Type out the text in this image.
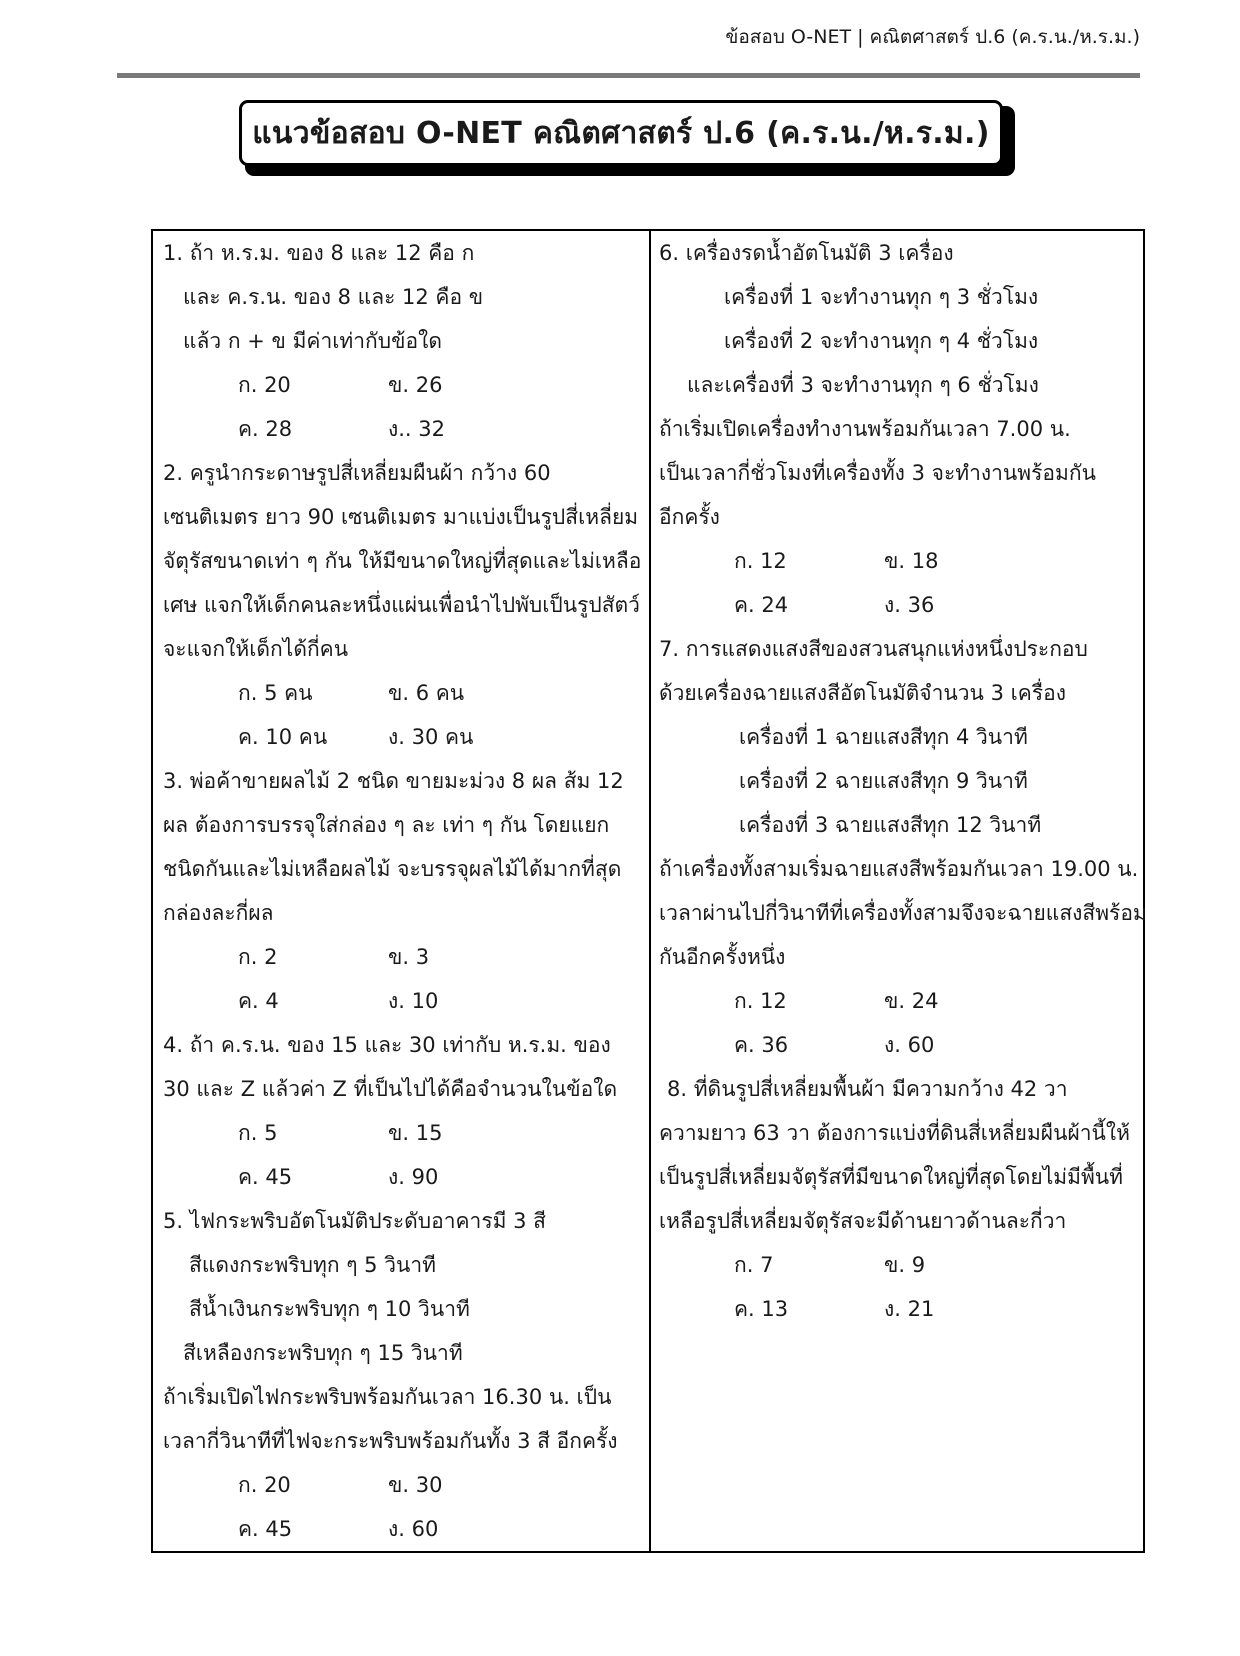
ข้อสอบ O-NET | คณิตศาสตร์ ป.6 (ค.ร.น./ห.ร.ม.)
แนวข้อสอบ O-NET คณิตศาสตร์ ป.6 (ค.ร.น./ห.ร.ม.)
1. ถ้า ห.ร.ม. ของ 8 และ 12 คือ ก
และ ค.ร.น. ของ 8 และ 12 คือ ข
แล้ว ก + ข มีค่าเท่ากับข้อใด
ก. 20	ข. 26
ค. 28	ง.. 32
2. ครูนำกระดาษรูปสี่เหลี่ยมผืนผ้า กว้าง 60
เซนติเมตร ยาว 90 เซนติเมตร มาแบ่งเป็นรูปสี่เหลี่ยม
จัตุรัสขนาดเท่า ๆ กัน ให้มีขนาดใหญ่ที่สุดและไม่เหลือ
เศษ แจกให้เด็กคนละหนึ่งแผ่นเพื่อนำไปพับเป็นรูปสัตว์
จะแจกให้เด็กได้กี่คน
ก. 5 คน	ข. 6 คน
ค. 10 คน	ง. 30 คน
3. พ่อค้าขายผลไม้ 2 ชนิด ขายมะม่วง 8 ผล ส้ม 12
ผล ต้องการบรรจุใส่กล่อง ๆ ละ เท่า ๆ กัน โดยแยก
ชนิดกันและไม่เหลือผลไม้ จะบรรจุผลไม้ได้มากที่สุด
กล่องละกี่ผล
ก. 2	ข. 3
ค. 4	ง. 10
4. ถ้า ค.ร.น. ของ 15 และ 30 เท่ากับ ห.ร.ม. ของ
30 และ Z แล้วค่า Z ที่เป็นไปได้คือจำนวนในข้อใด
ก. 5	ข. 15
ค. 45	ง. 90
5. ไฟกระพริบอัตโนมัติประดับอาคารมี 3 สี
สีแดงกระพริบทุก ๆ 5 วินาที
สีน้ำเงินกระพริบทุก ๆ 10 วินาที
สีเหลืองกระพริบทุก ๆ 15 วินาที
ถ้าเริ่มเปิดไฟกระพริบพร้อมกันเวลา 16.30 น. เป็น
เวลากี่วินาทีที่ไฟจะกระพริบพร้อมกันทั้ง 3 สี อีกครั้ง
ก. 20	ข. 30
ค. 45	ง. 60
6. เครื่องรดน้ำอัตโนมัติ 3 เครื่อง
เครื่องที่ 1 จะทำงานทุก ๆ 3 ชั่วโมง
เครื่องที่ 2 จะทำงานทุก ๆ 4 ชั่วโมง
และเครื่องที่ 3 จะทำงานทุก ๆ 6 ชั่วโมง
ถ้าเริ่มเปิดเครื่องทำงานพร้อมกันเวลา 7.00 น.
เป็นเวลากี่ชั่วโมงที่เครื่องทั้ง 3 จะทำงานพร้อมกัน
อีกครั้ง
ก. 12	ข. 18
ค. 24	ง. 36
7. การแสดงแสงสีของสวนสนุกแห่งหนึ่งประกอบ
ด้วยเครื่องฉายแสงสีอัตโนมัติจำนวน 3 เครื่อง
เครื่องที่ 1 ฉายแสงสีทุก 4 วินาที
เครื่องที่ 2 ฉายแสงสีทุก 9 วินาที
เครื่องที่ 3 ฉายแสงสีทุก 12 วินาที
ถ้าเครื่องทั้งสามเริ่มฉายแสงสีพร้อมกันเวลา 19.00 น.
เวลาผ่านไปกี่วินาทีที่เครื่องทั้งสามจึงจะฉายแสงสีพร้อม
กันอีกครั้งหนึ่ง
ก. 12	ข. 24
ค. 36	ง. 60
8. ที่ดินรูปสี่เหลี่ยมพื้นผ้า มีความกว้าง 42 วา
ความยาว 63 วา ต้องการแบ่งที่ดินสี่เหลี่ยมผืนผ้านี้ให้
เป็นรูปสี่เหลี่ยมจัตุรัสที่มีขนาดใหญ่ที่สุดโดยไม่มีพื้นที่
เหลือรูปสี่เหลี่ยมจัตุรัสจะมีด้านยาวด้านละกี่วา
ก. 7	ข. 9
ค. 13	ง. 21
